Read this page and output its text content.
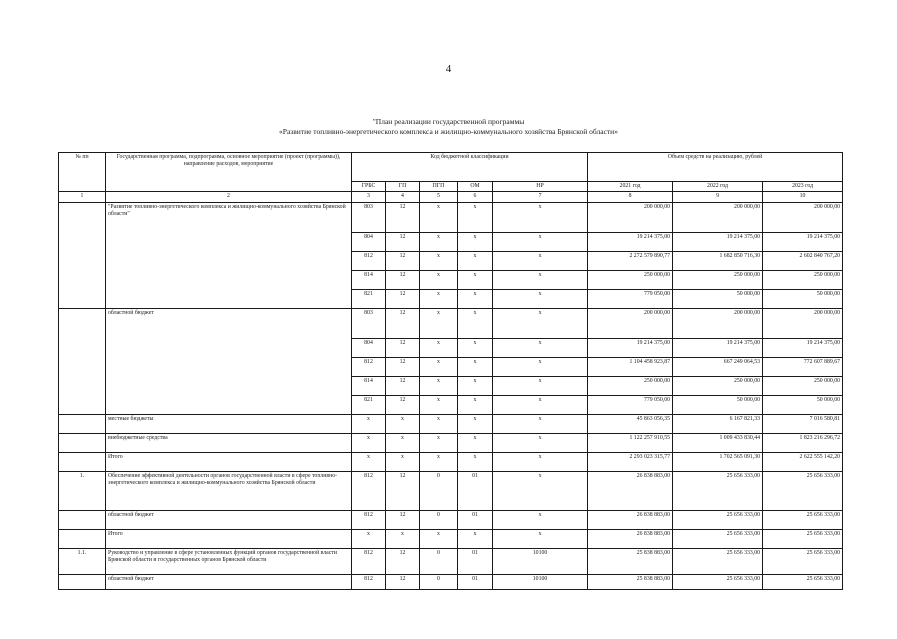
4
"План реализации государственной программы
«Развитие топливно-энергетического комплекса и жилищно-коммунального хозяйства Брянской области»
№ пп	Государственная программа, подпрограмма, основное мероприятие (проект (программы)), направление расходов, мероприятие	Код бюджетной классификации					Объем средств на реализацию, рублей		
		ГРБС	ГП	ПГП	ОМ	НР	2021 год	2022 год	2023 год
1	2	3	4	5	6	7	8	9	10
	"Развитие топливно-энергетического комплекса и жилищно-коммунального хозяйства Брянской области"	803	12	х	х	х	200 000,00	200 000,00	200 000,00
		804	12	х	х	х	19 214 375,00	19 214 375,00	19 214 375,00
		812	12	х	х	х	2 272 579 890,77	1 682 850 716,30	2 602 840 767,20
		814	12	х	х	х	250 000,00	250 000,00	250 000,00
		821	12	х	х	х	779 050,00	50 000,00	50 000,00
	областной бюджет	803	12	х	х	х	200 000,00	200 000,00	200 000,00
		804	12	х	х	х	19 214 375,00	19 214 375,00	19 214 375,00
		812	12	х	х	х	1 104 458 923,87	667 249 064,53	772 607 889,67
		814	12	х	х	х	250 000,00	250 000,00	250 000,00
		821	12	х	х	х	779 050,00	50 000,00	50 000,00
	местные бюджеты	х	х	х	х	х	45 863 056,35	6 167 821,33	7 016 580,81
	внебюджетные средства	х	х	х	х	х	1 122 257 910,55	1 009 433 830,44	1 823 216 296,72
	Итого	х	х	х	х	х	2 293 023 315,77	1 702 565 091,30	2 622 555 142,20
1.	Обеспечение эффективной деятельности органов государственной власти в сфере топливно-энергетического комплекса и жилищно-коммунального хозяйства Брянской области	812	12	0	01	х	26 838 883,00	25 656 333,00	25 656 333,00
	областной бюджет	812	12	0	01	х	26 838 883,00	25 656 333,00	25 656 333,00
	Итого	х	х	х	х	х	26 838 883,00	25 656 333,00	25 656 333,00
1.1.	Руководство и управление в сфере установленных функций органов государственной власти Брянской области и государственных органов Брянской области	812	12	0	01	10100	25 838 883,00	25 656 333,00	25 656 333,00
	областной бюджет	812	12	0	01	10100	25 838 883,00	25 656 333,00	25 656 333,00
